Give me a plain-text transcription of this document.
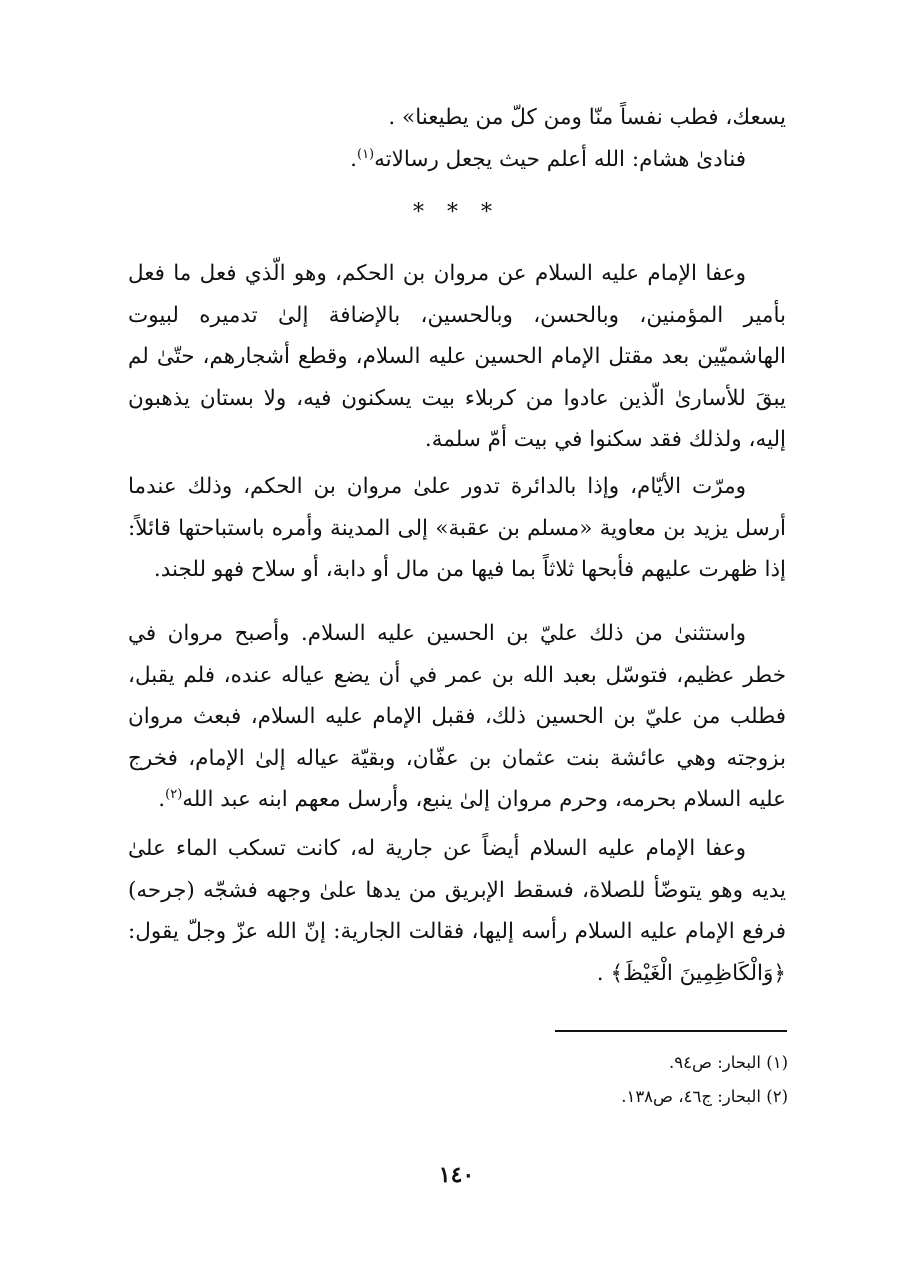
يسعك، فطب نفساً منّا ومن كلّ من يطيعنا» .

فنادىٰ هشام: الله أعلم حيث يجعل رسالاته$^{(١)}$.

* * *

وعفا الإمام عليه السلام عن مروان بن الحكم، وهو الّذي فعل ما فعل بأمير المؤمنين، وبالحسن، وبالحسين، بالإضافة إلىٰ تدميره لبيوت الهاشميّين بعد مقتل الإمام الحسين عليه السلام، وقطع أشجارهم، حتّىٰ لم يبقَ للأسارىٰ الّذين عادوا من كربلاء بيت يسكنون فيه، ولا بستان يذهبون إليه، ولذلك فقد سكنوا في بيت أمّ سلمة.

ومرّت الأيّام، وإذا بالدائرة تدور علىٰ مروان بن الحكم، وذلك عندما أرسل يزيد بن معاوية «مسلم بن عقبة» إلى المدينة وأمره باستباحتها قائلاً: إذا ظهرت عليهم فأبحها ثلاثاً بما فيها من مال أو دابة، أو سلاح فهو للجند.

واستثنىٰ من ذلك عليّ بن الحسين عليه السلام. وأصبح مروان في خطر عظيم، فتوسّل بعبد الله بن عمر في أن يضع عياله عنده، فلم يقبل، فطلب من عليّ بن الحسين ذلك، فقبل الإمام عليه السلام، فبعث مروان بزوجته وهي عائشة بنت عثمان بن عفّان، وبقيّة عياله إلىٰ الإمام، فخرج عليه السلام بحرمه، وحرم مروان إلىٰ ينبع، وأرسل معهم ابنه عبد الله$^{(٢)}$.

وعفا الإمام عليه السلام أيضاً عن جارية له، كانت تسكب الماء علىٰ يديه وهو يتوضّأ للصلاة، فسقط الإبريق من يدها علىٰ وجهه فشجّه (جرحه) فرفع الإمام عليه السلام رأسه إليها، فقالت الجارية: إنّ الله عزّ وجلّ يقول: ﴿وَالْكَاظِمِينَ الْغَيْظَ﴾ .

(١) البحار: ص٩٤.

(٢) البحار: ج٤٦، ص١٣٨.

١٤٠
